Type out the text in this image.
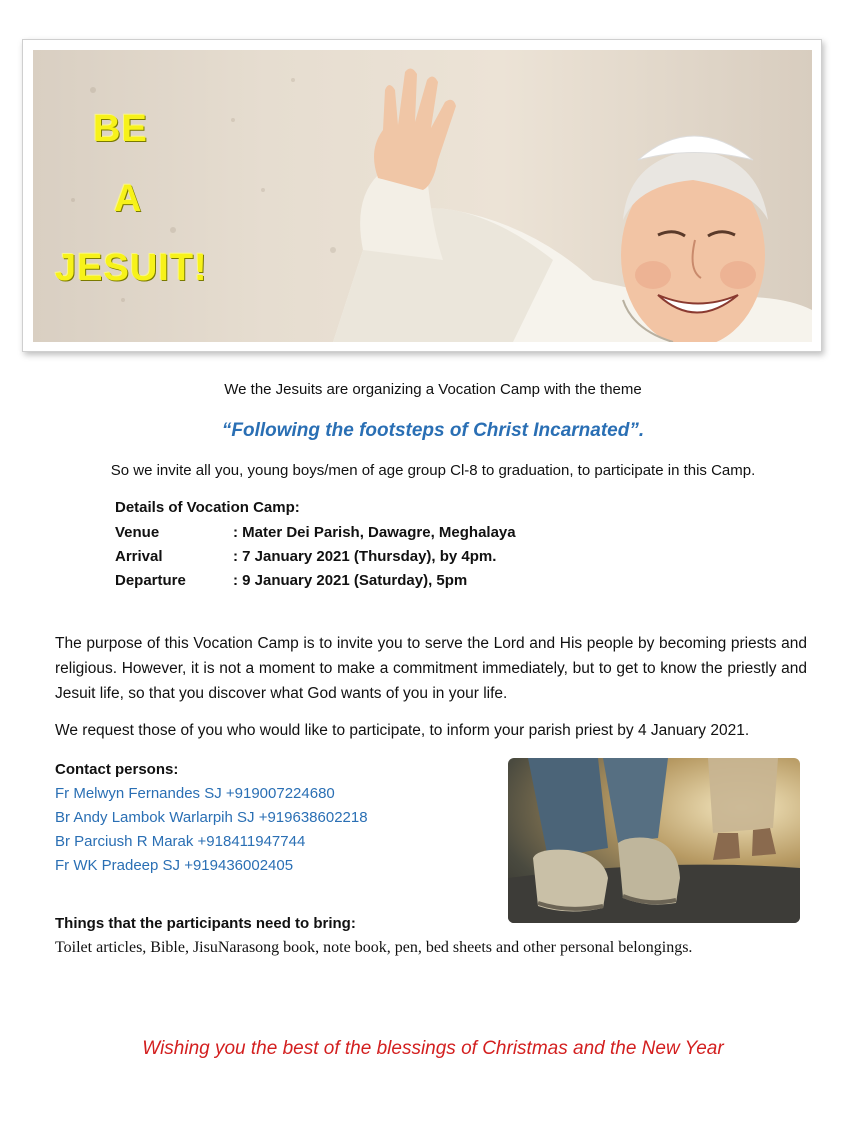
BE
A
JESUIT!
We the Jesuits are organizing a Vocation Camp with the theme
“Following the footsteps of Christ Incarnated”.
So we invite all you, young boys/men of age group Cl-8 to graduation, to participate in this Camp.
Details of Vocation Camp:
Venue	: Mater Dei Parish, Dawagre, Meghalaya
Arrival	: 7 January 2021 (Thursday), by 4pm.
Departure	: 9 January 2021 (Saturday), 5pm
The purpose of this Vocation Camp is to invite you to serve the Lord and His people by becoming priests and religious. However, it is not a moment to make a commitment immediately, but to get to know the priestly and Jesuit life, so that you discover what God wants of you in your life.
We request those of you who would like to participate, to inform your parish priest by 4 January 2021.
Contact persons:
Fr Melwyn Fernandes SJ +919007224680
Br Andy Lambok Warlarpih SJ +919638602218
Br Parciush R Marak +918411947744
Fr WK Pradeep SJ +919436002405
Things that the participants need to bring:
Toilet articles, Bible, JisuNarasong book, note book, pen, bed sheets and other personal belongings.
Wishing you the best of the blessings of Christmas and the New Year
